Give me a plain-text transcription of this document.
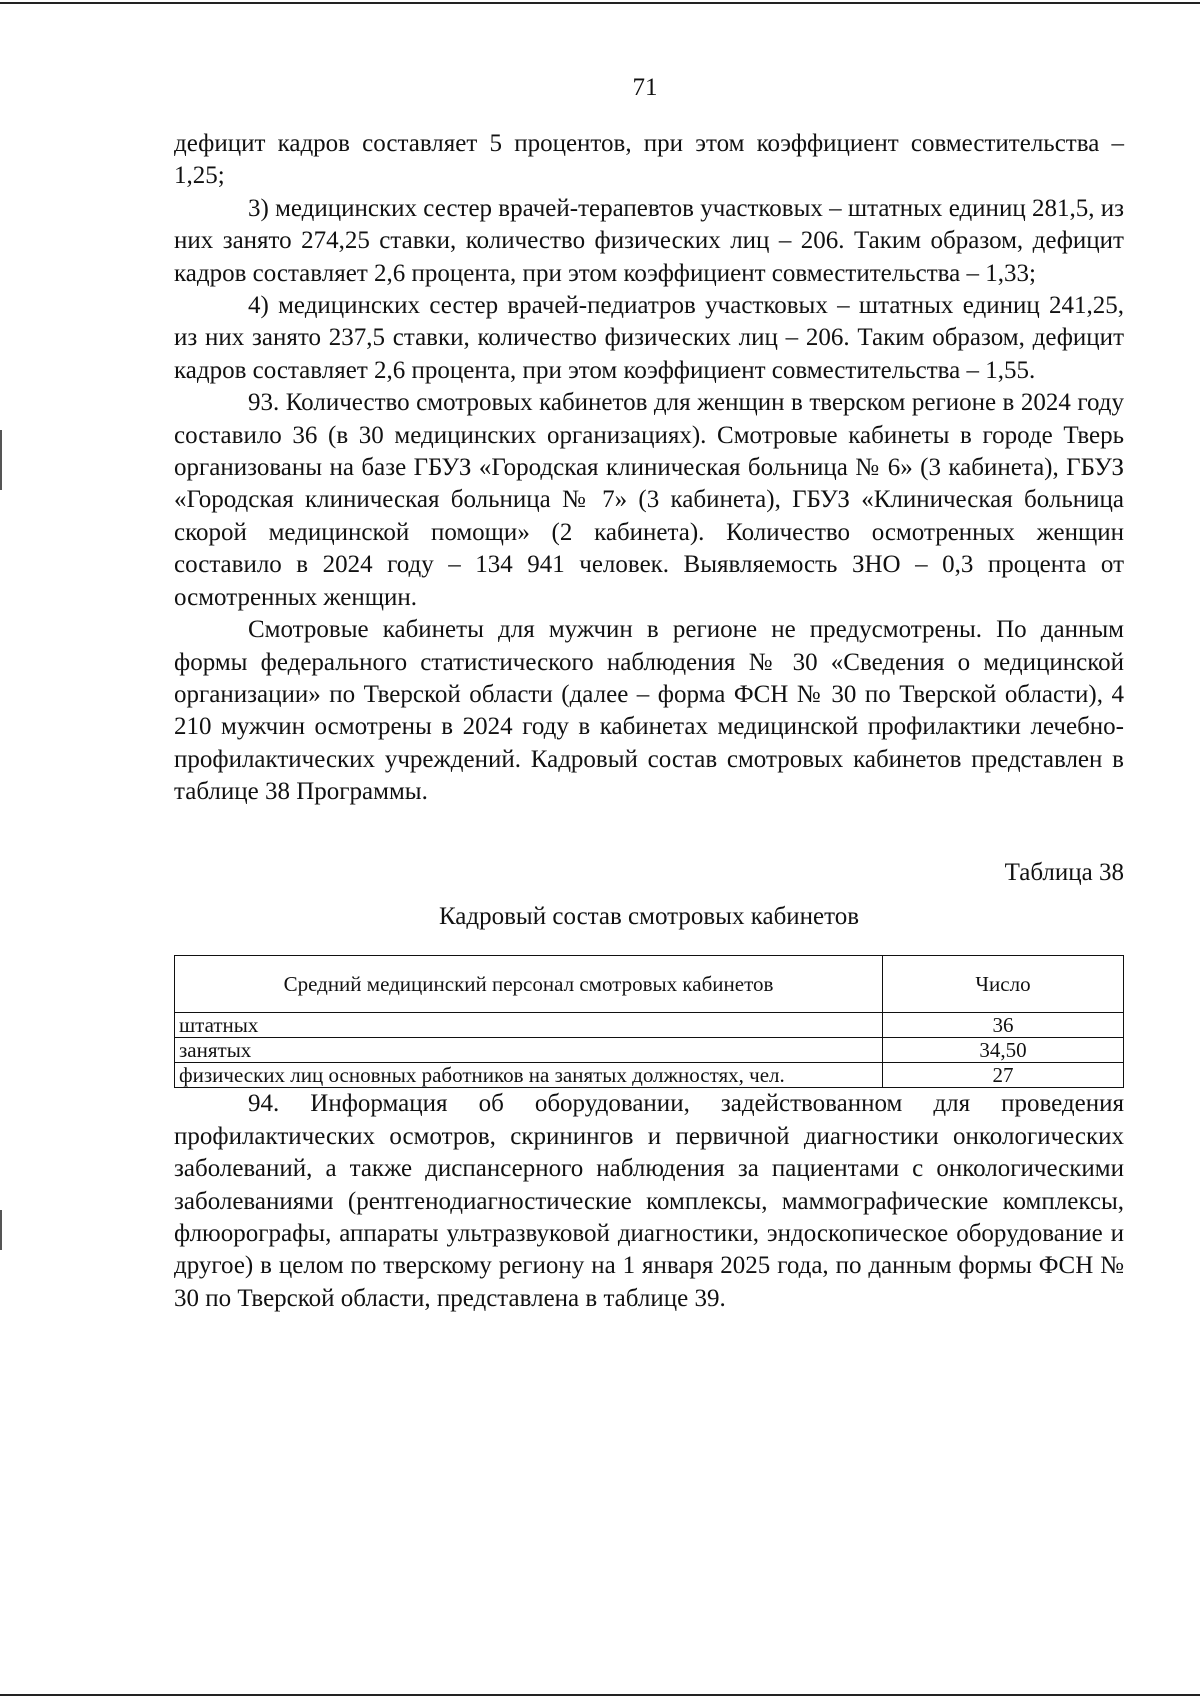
71

дефицит кадров составляет 5 процентов, при этом коэффициент совместительства – 1,25;

3) медицинских сестер врачей-терапевтов участковых – штатных единиц 281,5, из них занято 274,25 ставки, количество физических лиц – 206. Таким образом, дефицит кадров составляет 2,6 процента, при этом коэффициент совместительства – 1,33;

4) медицинских сестер врачей-педиатров участковых – штатных единиц 241,25, из них занято 237,5 ставки, количество физических лиц – 206. Таким образом, дефицит кадров составляет 2,6 процента, при этом коэффициент совместительства – 1,55.

93. Количество смотровых кабинетов для женщин в тверском регионе в 2024 году составило 36 (в 30 медицинских организациях). Смотровые кабинеты в городе Тверь организованы на базе ГБУЗ «Городская клиническая больница № 6» (3 кабинета), ГБУЗ «Городская клиническая больница № 7» (3 кабинета), ГБУЗ «Клиническая больница скорой медицинской помощи» (2 кабинета). Количество осмотренных женщин составило в 2024 году – 134 941 человек. Выявляемость ЗНО – 0,3 процента от осмотренных женщин.

Смотровые кабинеты для мужчин в регионе не предусмотрены. По данным формы федерального статистического наблюдения № 30 «Сведения о медицинской организации» по Тверской области (далее – форма ФСН № 30 по Тверской области), 4 210 мужчин осмотрены в 2024 году в кабинетах медицинской профилактики лечебно-профилактических учреждений. Кадровый состав смотровых кабинетов представлен в таблице 38 Программы.

Таблица 38
Кадровый состав смотровых кабинетов
Средний медицинский персонал смотровых кабинетов	Число
штатных	36
занятых	34,50
физических лиц основных работников на занятых должностях, чел.	27

94. Информация об оборудовании, задействованном для проведения профилактических осмотров, скринингов и первичной диагностики онкологических заболеваний, а также диспансерного наблюдения за пациентами с онкологическими заболеваниями (рентгенодиагностические комплексы, маммографические комплексы, флюорографы, аппараты ультразвуковой диагностики, эндоскопическое оборудование и другое) в целом по тверскому региону на 1 января 2025 года, по данным формы ФСН № 30 по Тверской области, представлена в таблице 39.
